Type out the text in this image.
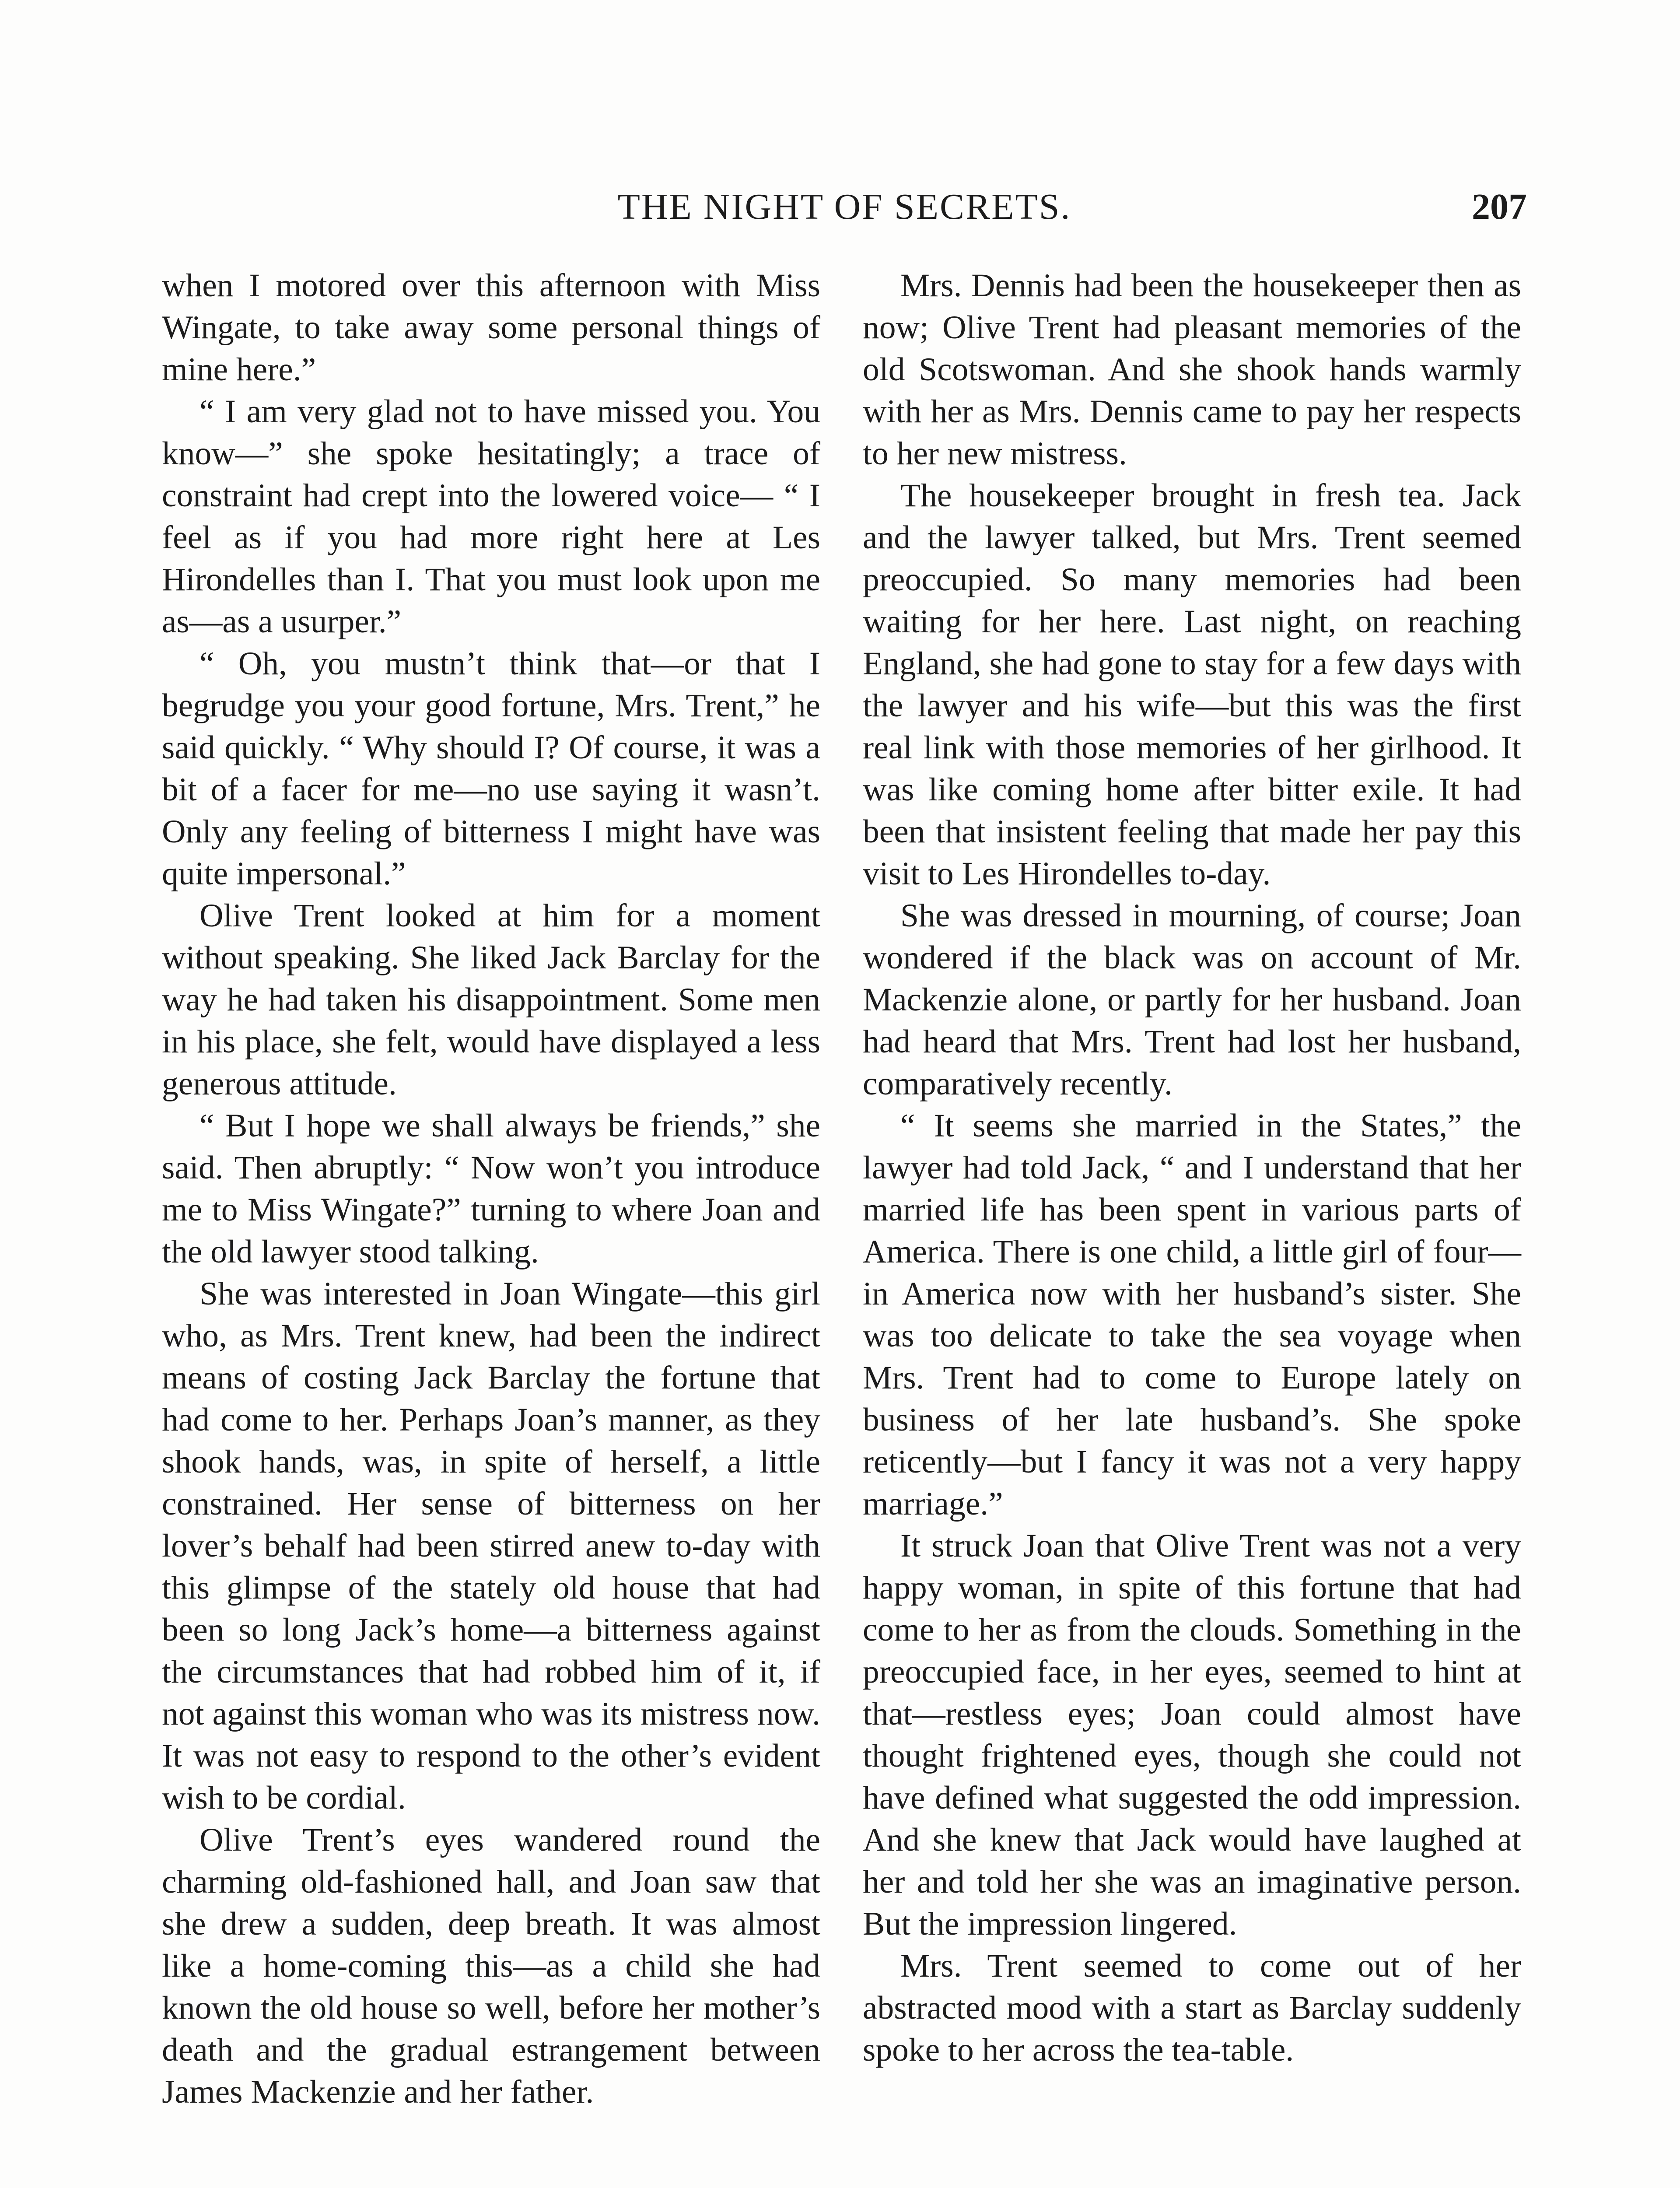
THE NIGHT OF SECRETS.	207

when I motored over this afternoon with Miss Wingate, to take away some personal things of mine here.”

“ I am very glad not to have missed you. You know—” she spoke hesitatingly; a trace of constraint had crept into the lowered voice— “ I feel as if you had more right here at Les Hirondelles than I. That you must look upon me as—as a usurper.”

“ Oh, you mustn’t think that—or that I begrudge you your good fortune, Mrs. Trent,” he said quickly. “ Why should I? Of course, it was a bit of a facer for me—no use saying it wasn’t. Only any feeling of bitterness I might have was quite impersonal.”

Olive Trent looked at him for a moment without speaking. She liked Jack Barclay for the way he had taken his disappointment. Some men in his place, she felt, would have displayed a less generous attitude.

“ But I hope we shall always be friends,” she said. Then abruptly: “ Now won’t you introduce me to Miss Wingate?” turning to where Joan and the old lawyer stood talking.

She was interested in Joan Wingate—this girl who, as Mrs. Trent knew, had been the indirect means of costing Jack Barclay the fortune that had come to her. Perhaps Joan’s manner, as they shook hands, was, in spite of herself, a little constrained. Her sense of bitterness on her lover’s behalf had been stirred anew to-day with this glimpse of the stately old house that had been so long Jack’s home—a bitterness against the circumstances that had robbed him of it, if not against this woman who was its mistress now. It was not easy to respond to the other’s evident wish to be cordial.

Olive Trent’s eyes wandered round the charming old-fashioned hall, and Joan saw that she drew a sudden, deep breath. It was almost like a home-coming this—as a child she had known the old house so well, before her mother’s death and the gradual estrangement between James Mackenzie and her father.

Mrs. Dennis had been the housekeeper then as now; Olive Trent had pleasant memories of the old Scotswoman. And she shook hands warmly with her as Mrs. Dennis came to pay her respects to her new mistress.

The housekeeper brought in fresh tea. Jack and the lawyer talked, but Mrs. Trent seemed preoccupied. So many memories had been waiting for her here. Last night, on reaching England, she had gone to stay for a few days with the lawyer and his wife—but this was the first real link with those memories of her girlhood. It was like coming home after bitter exile. It had been that insistent feeling that made her pay this visit to Les Hirondelles to-day.

She was dressed in mourning, of course; Joan wondered if the black was on account of Mr. Mackenzie alone, or partly for her husband. Joan had heard that Mrs. Trent had lost her husband, comparatively recently.

“ It seems she married in the States,” the lawyer had told Jack, “ and I understand that her married life has been spent in various parts of America. There is one child, a little girl of four—in America now with her husband’s sister. She was too delicate to take the sea voyage when Mrs. Trent had to come to Europe lately on business of her late husband’s. She spoke reticently—but I fancy it was not a very happy marriage.”

It struck Joan that Olive Trent was not a very happy woman, in spite of this fortune that had come to her as from the clouds. Something in the preoccupied face, in her eyes, seemed to hint at that—restless eyes; Joan could almost have thought frightened eyes, though she could not have defined what suggested the odd impression. And she knew that Jack would have laughed at her and told her she was an imaginative person. But the impression lingered.

Mrs. Trent seemed to come out of her abstracted mood with a start as Barclay suddenly spoke to her across the tea-table.
